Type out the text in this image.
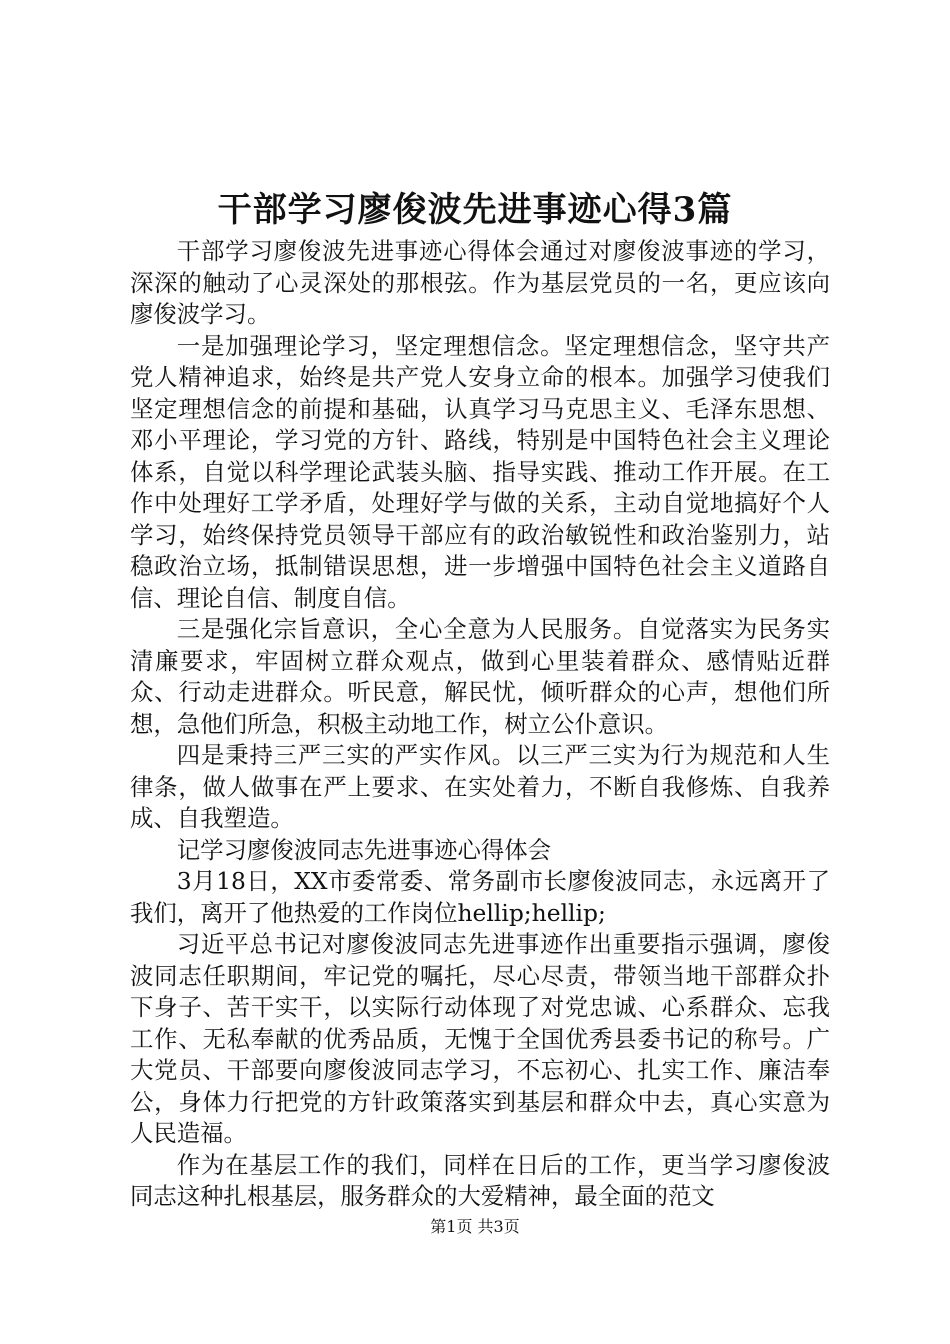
干部学习廖俊波先进事迹心得3篇

干部学习廖俊波先进事迹心得体会通过对廖俊波事迹的学习，深深的触动了心灵深处的那根弦。作为基层党员的一名，更应该向廖俊波学习。

一是加强理论学习，坚定理想信念。坚定理想信念，坚守共产党人精神追求，始终是共产党人安身立命的根本。加强学习使我们坚定理想信念的前提和基础，认真学习马克思主义、毛泽东思想、邓小平理论，学习党的方针、路线，特别是中国特色社会主义理论体系，自觉以科学理论武装头脑、指导实践、推动工作开展。在工作中处理好工学矛盾，处理好学与做的关系，主动自觉地搞好个人学习，始终保持党员领导干部应有的政治敏锐性和政治鉴别力，站稳政治立场，抵制错误思想，进一步增强中国特色社会主义道路自信、理论自信、制度自信。

三是强化宗旨意识，全心全意为人民服务。自觉落实为民务实清廉要求，牢固树立群众观点，做到心里装着群众、感情贴近群众、行动走进群众。听民意，解民忧，倾听群众的心声，想他们所想，急他们所急，积极主动地工作，树立公仆意识。

四是秉持三严三实的严实作风。以三严三实为行为规范和人生律条，做人做事在严上要求、在实处着力，不断自我修炼、自我养成、自我塑造。

记学习廖俊波同志先进事迹心得体会

3月18日，XX市委常委、常务副市长廖俊波同志，永远离开了我们，离开了他热爱的工作岗位hellip;hellip;

习近平总书记对廖俊波同志先进事迹作出重要指示强调，廖俊波同志任职期间，牢记党的嘱托，尽心尽责，带领当地干部群众扑下身子、苦干实干，以实际行动体现了对党忠诚、心系群众、忘我工作、无私奉献的优秀品质，无愧于全国优秀县委书记的称号。广大党员、干部要向廖俊波同志学习，不忘初心、扎实工作、廉洁奉公，身体力行把党的方针政策落实到基层和群众中去，真心实意为人民造福。

作为在基层工作的我们，同样在日后的工作，更当学习廖俊波同志这种扎根基层，服务群众的大爱精神，最全面的范文

第1页 共3页
